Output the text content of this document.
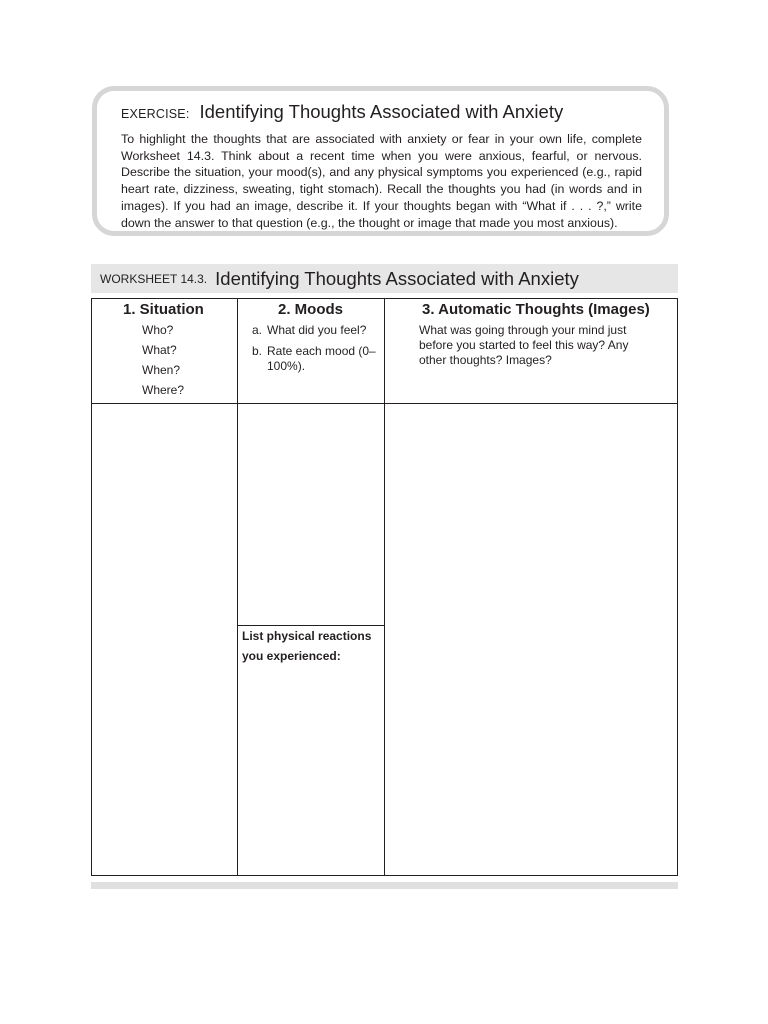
EXERCISE: Identifying Thoughts Associated with Anxiety
To highlight the thoughts that are associated with anxiety or fear in your own life, complete Worksheet 14.3. Think about a recent time when you were anxious, fearful, or nervous. Describe the situation, your mood(s), and any physical symptoms you experienced (e.g., rapid heart rate, dizziness, sweating, tight stomach). Recall the thoughts you had (in words and in images). If you had an image, describe it. If your thoughts began with “What if . . . ?,” write down the answer to that question (e.g., the thought or image that made you most anxious).
WORKSHEET 14.3. Identifying Thoughts Associated with Anxiety
1. Situation
Who?
What?
When?
Where?
2. Moods
a. What did you feel?
b. Rate each mood (0–100%).
List physical reactions you experienced:
3. Automatic Thoughts (Images)
What was going through your mind just before you started to feel this way? Any other thoughts? Images?
